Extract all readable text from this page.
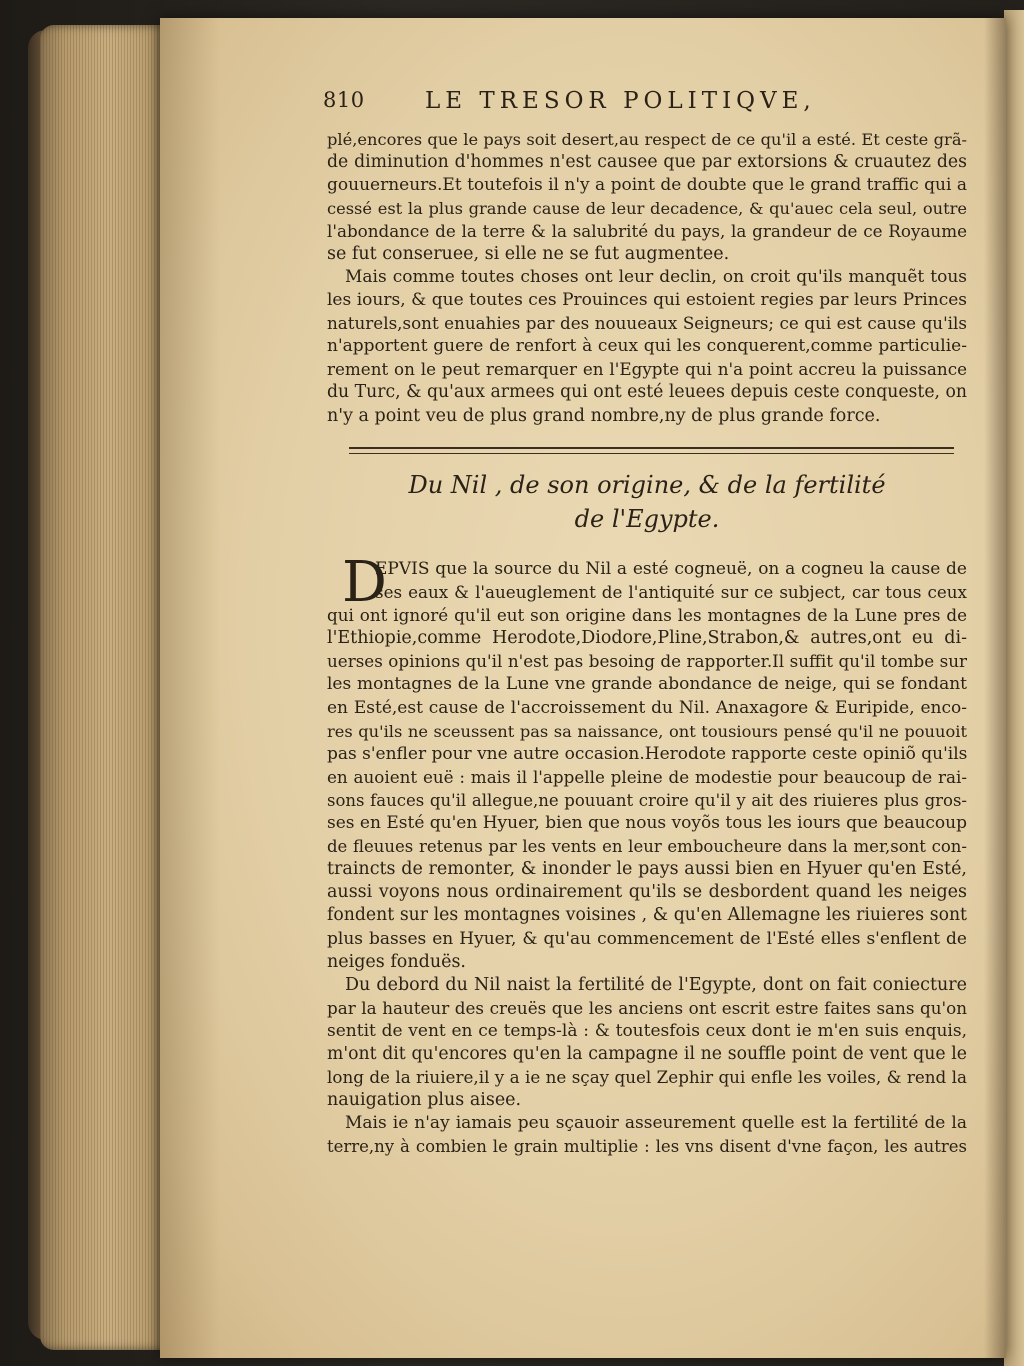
810	LE TRESOR POLITIQVE,
plé,encores que le pays soit desert,au respect de ce qu'il a esté. Et ceste grã-
de diminution d'hommes n'est causee que par extorsions & cruautez des
gouuerneurs.Et toutefois il n'y a point de doubte que le grand traffic qui a
cessé est la plus grande cause de leur decadence, & qu'auec cela seul, outre
l'abondance de la terre & la salubrité du pays, la grandeur de ce Royaume
se fut conseruee, si elle ne se fut augmentee.
Mais comme toutes choses ont leur declin, on croit qu'ils manquẽt tous
les iours, & que toutes ces Prouinces qui estoient regies par leurs Princes
naturels,sont enuahies par des nouueaux Seigneurs; ce qui est cause qu'ils
n'apportent guere de renfort à ceux qui les conquerent,comme particulie-
rement on le peut remarquer en l'Egypte qui n'a point accreu la puissance
du Turc, & qu'aux armees qui ont esté leuees depuis ceste conqueste, on
n'y a point veu de plus grand nombre,ny de plus grande force.
Du Nil , de son origine, & de la fertilité
de l'Egypte.
D
EPVIS que la source du Nil a esté cogneuë, on a cogneu la cause de
ses eaux & l'aueuglement de l'antiquité sur ce subject, car tous ceux
qui ont ignoré qu'il eut son origine dans les montagnes de la Lune pres de
l'Ethiopie,comme Herodote,Diodore,Pline,Strabon,& autres,ont eu di-
uerses opinions qu'il n'est pas besoing de rapporter.Il suffit qu'il tombe sur
les montagnes de la Lune vne grande abondance de neige, qui se fondant
en Esté,est cause de l'accroissement du Nil. Anaxagore & Euripide, enco-
res qu'ils ne sceussent pas sa naissance, ont tousiours pensé qu'il ne pouuoit
pas s'enfler pour vne autre occasion.Herodote rapporte ceste opiniõ qu'ils
en auoient euë : mais il l'appelle pleine de modestie pour beaucoup de rai-
sons fauces qu'il allegue,ne pouuant croire qu'il y ait des riuieres plus gros-
ses en Esté qu'en Hyuer, bien que nous voyõs tous les iours que beaucoup
de fleuues retenus par les vents en leur emboucheure dans la mer,sont con-
traincts de remonter, & inonder le pays aussi bien en Hyuer qu'en Esté,
aussi voyons nous ordinairement qu'ils se desbordent quand les neiges
fondent sur les montagnes voisines , & qu'en Allemagne les riuieres sont
plus basses en Hyuer, & qu'au commencement de l'Esté elles s'enflent de
neiges fonduës.
Du debord du Nil naist la fertilité de l'Egypte, dont on fait coniecture
par la hauteur des creuës que les anciens ont escrit estre faites sans qu'on
sentit de vent en ce temps-là : & toutesfois ceux dont ie m'en suis enquis,
m'ont dit qu'encores qu'en la campagne il ne souffle point de vent que le
long de la riuiere,il y a ie ne sçay quel Zephir qui enfle les voiles, & rend la
nauigation plus aisee.
Mais ie n'ay iamais peu sçauoir asseurement quelle est la fertilité de la
terre,ny à combien le grain multiplie : les vns disent d'vne façon, les autres
